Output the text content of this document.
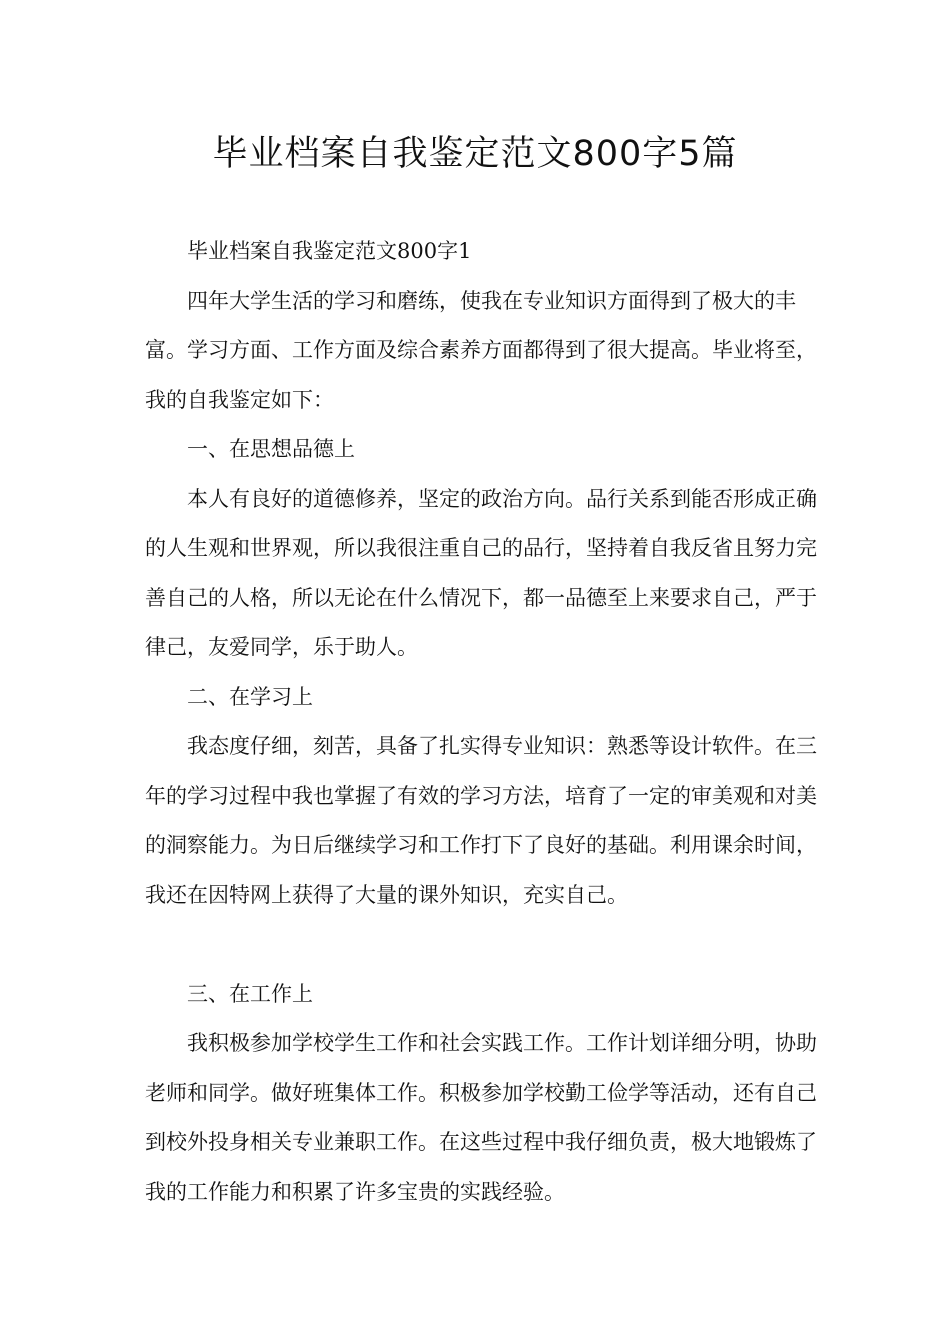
毕业档案自我鉴定范文800字5篇

毕业档案自我鉴定范文800字1

四年大学生活的学习和磨练，使我在专业知识方面得到了极大的丰富。学习方面、工作方面及综合素养方面都得到了很大提高。毕业将至，我的自我鉴定如下：

一、在思想品德上

本人有良好的道德修养，坚定的政治方向。品行关系到能否形成正确的人生观和世界观，所以我很注重自己的品行，坚持着自我反省且努力完善自己的人格，所以无论在什么情况下，都一品德至上来要求自己，严于律己，友爱同学，乐于助人。

二、在学习上

我态度仔细，刻苦，具备了扎实得专业知识：熟悉等设计软件。在三年的学习过程中我也掌握了有效的学习方法，培育了一定的审美观和对美的洞察能力。为日后继续学习和工作打下了良好的基础。利用课余时间，我还在因特网上获得了大量的课外知识，充实自己。

三、在工作上

我积极参加学校学生工作和社会实践工作。工作计划详细分明，协助老师和同学。做好班集体工作。积极参加学校勤工俭学等活动，还有自己到校外投身相关专业兼职工作。在这些过程中我仔细负责，极大地锻炼了我的工作能力和积累了许多宝贵的实践经验。
